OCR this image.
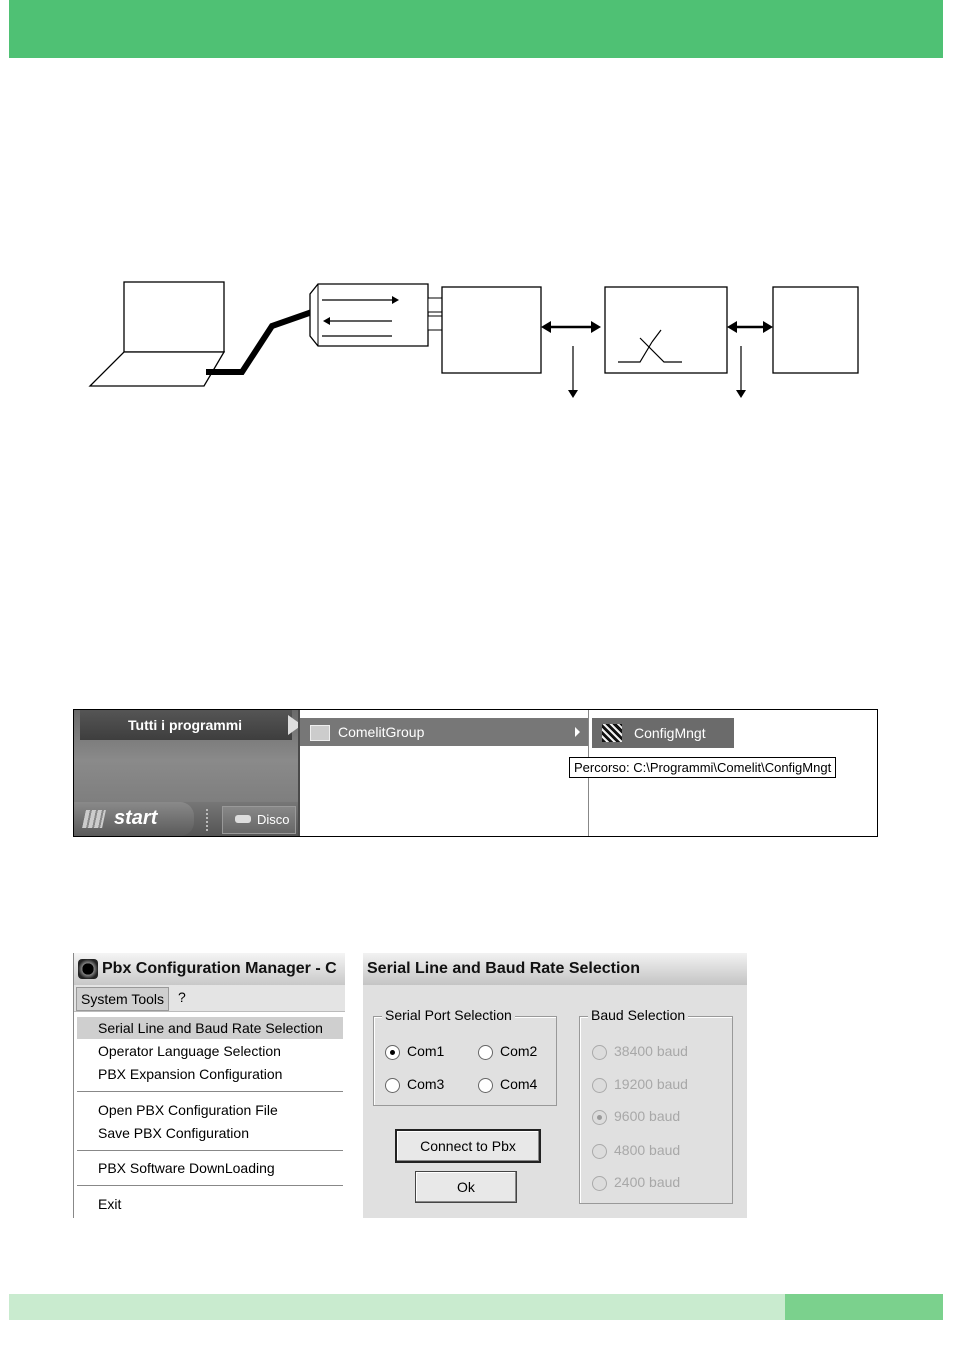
Tutti i programmi
start	Disco
ComelitGroup	ConfigMngt
Percorso: C:\Programmi\Comelit\ConfigMngt
Pbx Configuration Manager - C
System Tools	?
Serial Line and Baud Rate Selection
Operator Language Selection
PBX Expansion Configuration
Open PBX Configuration File
Save PBX Configuration
PBX Software DownLoading
Exit
Serial Line and Baud Rate Selection
Serial Port Selection
Com1	Com2
Com3	Com4
Baud Selection
38400 baud
19200 baud
9600 baud
4800 baud
2400 baud
Connect to Pbx
Ok
